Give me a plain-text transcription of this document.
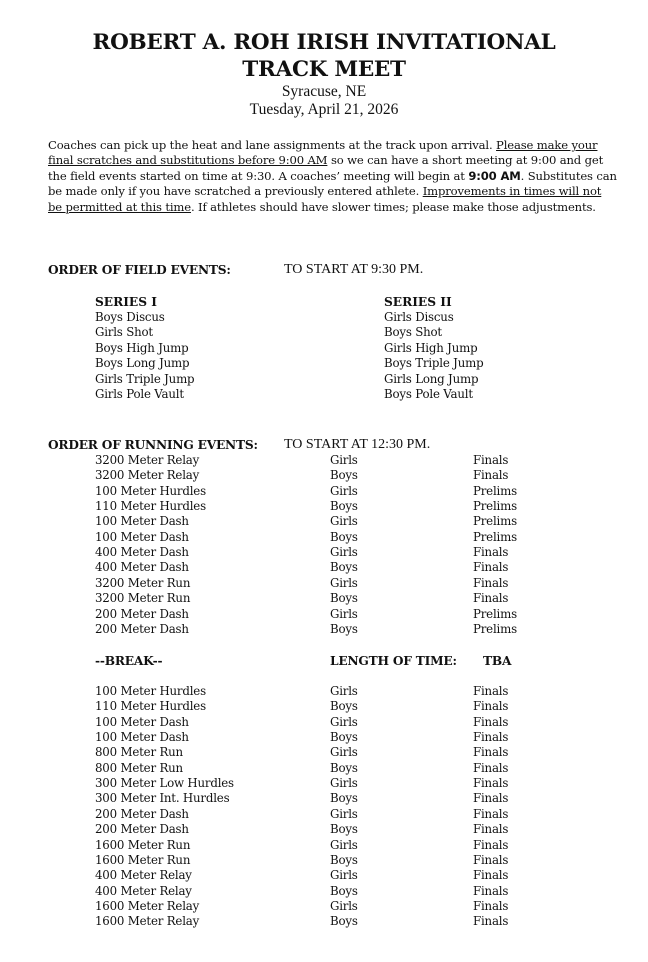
ROBERT A. ROH IRISH INVITATIONAL
TRACK MEET
Syracuse, NE
Tuesday, April 21, 2026
Coaches can pick up the heat and lane assignments at the track upon arrival. Please make your final scratches and substitutions before 9:00 AM so we can have a short meeting at 9:00 and get the field events started on time at 9:30. A coaches’ meeting will begin at 9:00 AM. Substitutes can be made only if you have scratched a previously entered athlete. Improvements in times will not be permitted at this time. If athletes should have slower times; please make those adjustments.
ORDER OF FIELD EVENTS:	TO START AT 9:30 PM.
SERIES I
Boys Discus
Girls Shot
Boys High Jump
Boys Long Jump
Girls Triple Jump
Girls Pole Vault
SERIES II
Girls Discus
Boys Shot
Girls High Jump
Boys Triple Jump
Girls Long Jump
Boys Pole Vault
ORDER OF RUNNING EVENTS: TO START AT 12:30 PM.
3200 Meter Relay	Girls	Finals
3200 Meter Relay	Boys	Finals
100 Meter Hurdles	Girls	Prelims
110 Meter Hurdles	Boys	Prelims
100 Meter Dash	Girls	Prelims
100 Meter Dash	Boys	Prelims
400 Meter Dash	Girls	Finals
400 Meter Dash	Boys	Finals
3200 Meter Run	Girls	Finals
3200 Meter Run	Boys	Finals
200 Meter Dash	Girls	Prelims
200 Meter Dash	Boys	Prelims
--BREAK--	LENGTH OF TIME: TBA
100 Meter Hurdles	Girls	Finals
110 Meter Hurdles	Boys	Finals
100 Meter Dash	Girls	Finals
100 Meter Dash	Boys	Finals
800 Meter Run	Girls	Finals
800 Meter Run	Boys	Finals
300 Meter Low Hurdles	Girls	Finals
300 Meter Int. Hurdles	Boys	Finals
200 Meter Dash	Girls	Finals
200 Meter Dash	Boys	Finals
1600 Meter Run	Girls	Finals
1600 Meter Run	Boys	Finals
400 Meter Relay	Girls	Finals
400 Meter Relay	Boys	Finals
1600 Meter Relay	Girls	Finals
1600 Meter Relay	Boys	Finals
